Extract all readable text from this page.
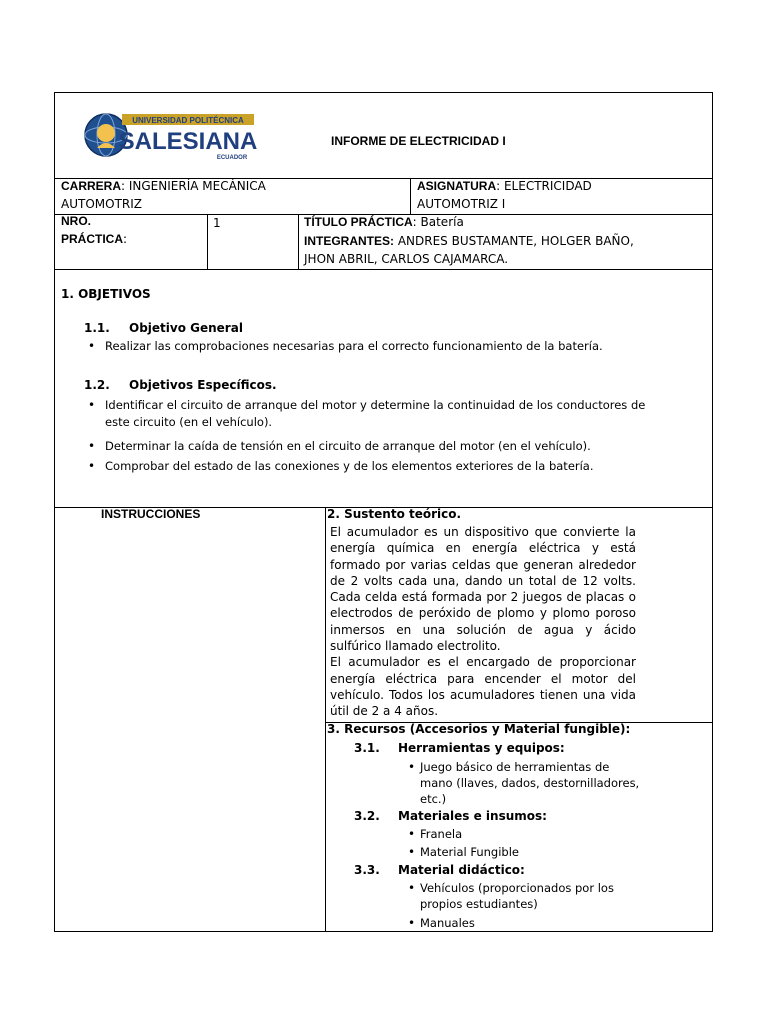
UNIVERSIDAD POLITÉCNICA
SALESIANA
ECUADOR
INFORME DE ELECTRICIDAD I
CARRERA: INGENIERÍA MECÁNICA
AUTOMOTRIZ
ASIGNATURA: ELECTRICIDAD
AUTOMOTRIZ I
NRO.
PRÁCTICA:
1	TÍTULO PRÁCTICA: Batería
INTEGRANTES: ANDRES BUSTAMANTE, HOLGER BAÑO,
JHON ABRIL, CARLOS CAJAMARCA.
1. OBJETIVOS
1.1. Objetivo General
• Realizar las comprobaciones necesarias para el correcto funcionamiento de la batería.
1.2. Objetivos Específicos.
• Identificar el circuito de arranque del motor y determine la continuidad de los conductores de
este circuito (en el vehículo).
• Determinar la caída de tensión en el circuito de arranque del motor (en el vehículo).
• Comprobar del estado de las conexiones y de los elementos exteriores de la batería.
INSTRUCCIONES	2. Sustento teórico.

El acumulador es un dispositivo que convierte la energía química en energía eléctrica y está formado por varias celdas que generan alrededor de 2 volts cada una, dando un total de 12 volts. Cada celda está formada por 2 juegos de placas o electrodos de peróxido de plomo y plomo poroso inmersos en una solución de agua y ácido sulfúrico llamado electrolito.

El acumulador es el encargado de proporcionar energía eléctrica para encender el motor del vehículo. Todos los acumuladores tienen una vida útil de 2 a 4 años.

3. Recursos (Accesorios y Material fungible):
3.1. Herramientas y equipos:
• Juego básico de herramientas de
mano (llaves, dados, destornilladores,
etc.)
3.2. Materiales e insumos:
• Franela
• Material Fungible
3.3. Material didáctico:
• Vehículos (proporcionados por los
propios estudiantes)
• Manuales
